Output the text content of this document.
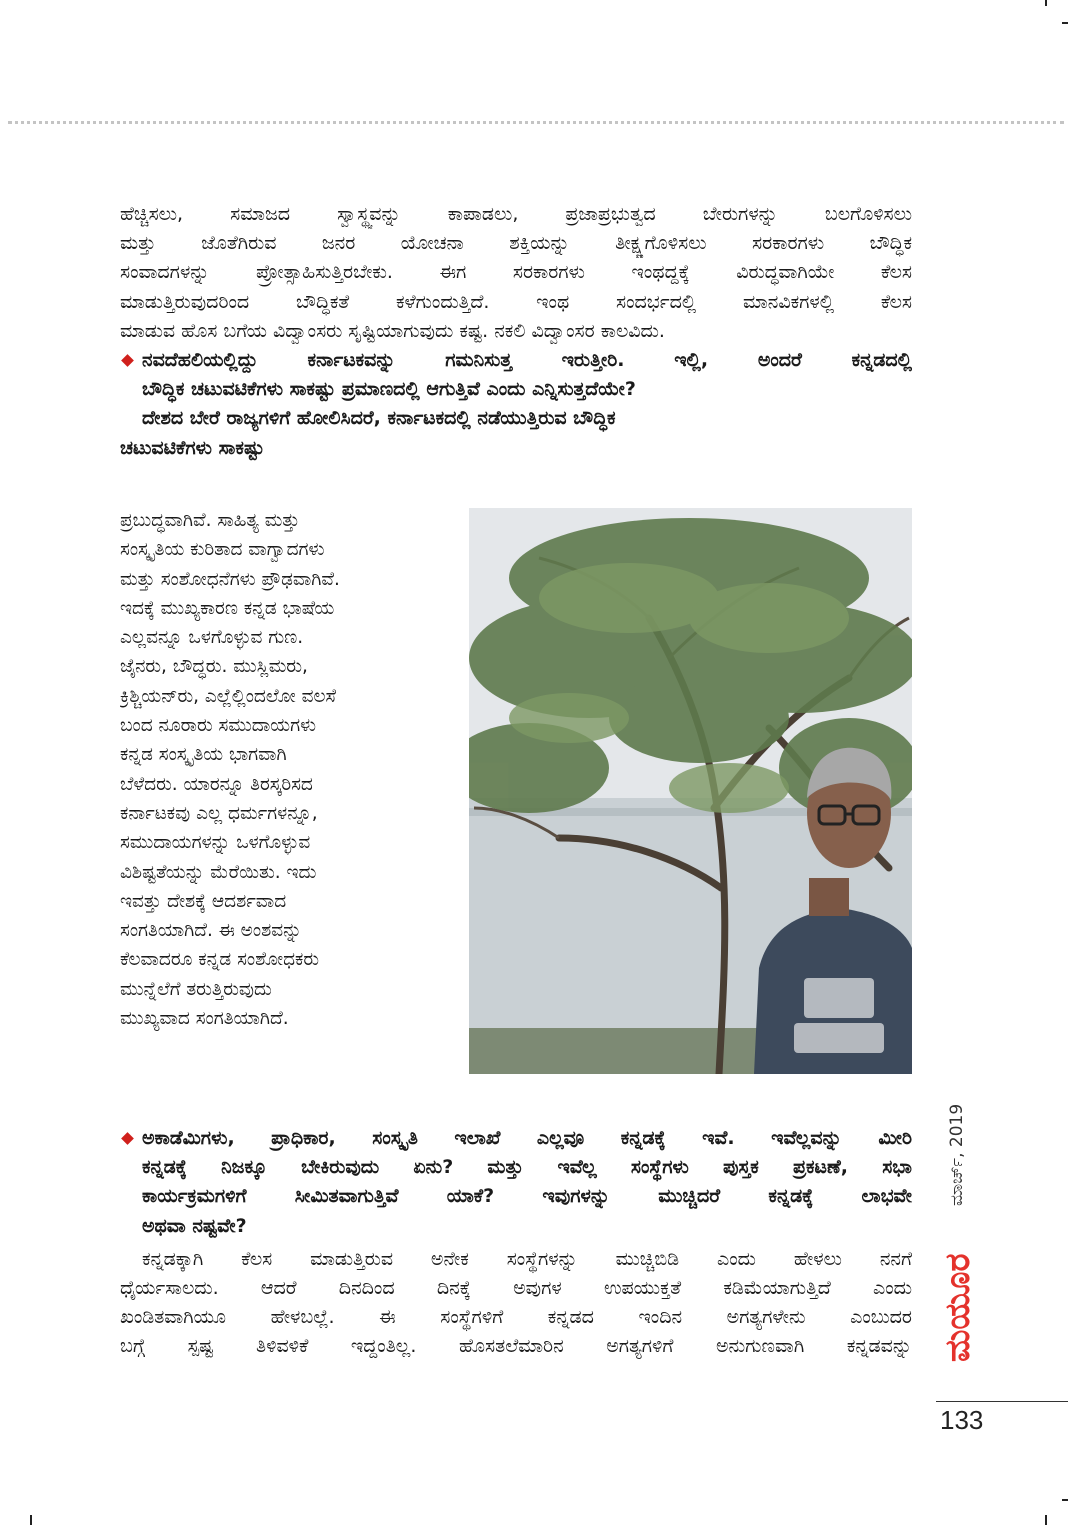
ಹೆಚ್ಚಿಸಲು, ಸಮಾಜದ ಸ್ವಾಸ್ಥ್ಯವನ್ನು ಕಾಪಾಡಲು, ಪ್ರಜಾಪ್ರಭುತ್ವದ ಬೇರುಗಳನ್ನು ಬಲಗೊಳಿಸಲು
ಮತ್ತು ಜೊತೆಗಿರುವ ಜನರ ಯೋಚನಾ ಶಕ್ತಿಯನ್ನು ತೀಕ್ಷ್ಣಗೊಳಿಸಲು ಸರಕಾರಗಳು ಬೌದ್ಧಿಕ
ಸಂವಾದಗಳನ್ನು ಪ್ರೋತ್ಸಾಹಿಸುತ್ತಿರಬೇಕು. ಈಗ ಸರಕಾರಗಳು ಇಂಥದ್ದಕ್ಕೆ ವಿರುದ್ಧವಾಗಿಯೇ ಕೆಲಸ
ಮಾಡುತ್ತಿರುವುದರಿಂದ ಬೌದ್ಧಿಕತೆ ಕಳೆಗುಂದುತ್ತಿದೆ. ಇಂಥ ಸಂದರ್ಭದಲ್ಲಿ ಮಾನವಿಕಗಳಲ್ಲಿ ಕೆಲಸ
ಮಾಡುವ ಹೊಸ ಬಗೆಯ ವಿದ್ವಾಂಸರು ಸೃಷ್ಟಿಯಾಗುವುದು ಕಷ್ಟ. ನಕಲಿ ವಿದ್ವಾಂಸರ ಕಾಲವಿದು.
ನವದೆಹಲಿಯಲ್ಲಿದ್ದು ಕರ್ನಾಟಕವನ್ನು ಗಮನಿಸುತ್ತ ಇರುತ್ತೀರಿ. ಇಲ್ಲಿ, ಅಂದರೆ ಕನ್ನಡದಲ್ಲಿ
ಬೌದ್ಧಿಕ ಚಟುವಟಿಕೆಗಳು ಸಾಕಷ್ಟು ಪ್ರಮಾಣದಲ್ಲಿ ಆಗುತ್ತಿವೆ ಎಂದು ಎನ್ನಿಸುತ್ತದೆಯೇ?
ದೇಶದ ಬೇರೆ ರಾಜ್ಯಗಳಿಗೆ ಹೋಲಿಸಿದರೆ, ಕರ್ನಾಟಕದಲ್ಲಿ ನಡೆಯುತ್ತಿರುವ ಬೌದ್ಧಿಕ
ಚಟುವಟಿಕೆಗಳು ಸಾಕಷ್ಟು
ಪ್ರಬುದ್ಧವಾಗಿವೆ. ಸಾಹಿತ್ಯ ಮತ್ತು
ಸಂಸ್ಕೃತಿಯ ಕುರಿತಾದ ವಾಗ್ವಾದಗಳು
ಮತ್ತು ಸಂಶೋಧನೆಗಳು ಪ್ರೌಢವಾಗಿವೆ.
ಇದಕ್ಕೆ ಮುಖ್ಯಕಾರಣ ಕನ್ನಡ ಭಾಷೆಯ
ಎಲ್ಲವನ್ನೂ ಒಳಗೊಳ್ಳುವ ಗುಣ.
ಜೈನರು, ಬೌದ್ಧರು. ಮುಸ್ಲಿಮರು,
ಕ್ರಿಶ್ಚಿಯನ್‌ರು, ಎಲ್ಲೆಲ್ಲಿಂದಲೋ ವಲಸೆ
ಬಂದ ನೂರಾರು ಸಮುದಾಯಗಳು
ಕನ್ನಡ ಸಂಸ್ಕೃತಿಯ ಭಾಗವಾಗಿ
ಬೆಳೆದರು. ಯಾರನ್ನೂ ತಿರಸ್ಕರಿಸದ
ಕರ್ನಾಟಕವು ಎಲ್ಲ ಧರ್ಮಗಳನ್ನೂ,
ಸಮುದಾಯಗಳನ್ನು ಒಳಗೊಳ್ಳುವ
ವಿಶಿಷ್ಟತೆಯನ್ನು ಮೆರೆಯಿತು. ಇದು
ಇವತ್ತು ದೇಶಕ್ಕೆ ಆದರ್ಶವಾದ
ಸಂಗತಿಯಾಗಿದೆ. ಈ ಅಂಶವನ್ನು
ಕೆಲವಾದರೂ ಕನ್ನಡ ಸಂಶೋಧಕರು
ಮುನ್ನೆಲೆಗೆ ತರುತ್ತಿರುವುದು
ಮುಖ್ಯವಾದ ಸಂಗತಿಯಾಗಿದೆ.
ಅಕಾಡೆಮಿಗಳು, ಪ್ರಾಧಿಕಾರ, ಸಂಸ್ಕೃತಿ ಇಲಾಖೆ ಎಲ್ಲವೂ ಕನ್ನಡಕ್ಕೆ ಇವೆ. ಇವೆಲ್ಲವನ್ನು ಮೀರಿ
ಕನ್ನಡಕ್ಕೆ ನಿಜಕ್ಕೂ ಬೇಕಿರುವುದು ಏನು? ಮತ್ತು ಇವೆಲ್ಲ ಸಂಸ್ಥೆಗಳು ಪುಸ್ತಕ ಪ್ರಕಟಣೆ, ಸಭಾ
ಕಾರ್ಯಕ್ರಮಗಳಿಗೆ ಸೀಮಿತವಾಗುತ್ತಿವೆ ಯಾಕೆ? ಇವುಗಳನ್ನು ಮುಚ್ಚಿದರೆ ಕನ್ನಡಕ್ಕೆ ಲಾಭವೇ
ಅಥವಾ ನಷ್ಟವೇ?
ಕನ್ನಡಕ್ಕಾಗಿ ಕೆಲಸ ಮಾಡುತ್ತಿರುವ ಅನೇಕ ಸಂಸ್ಥೆಗಳನ್ನು ಮುಚ್ಚಿಬಿಡಿ ಎಂದು ಹೇಳಲು ನನಗೆ
ಧೈರ್ಯಸಾಲದು. ಆದರೆ ದಿನದಿಂದ ದಿನಕ್ಕೆ ಅವುಗಳ ಉಪಯುಕ್ತತೆ ಕಡಿಮೆಯಾಗುತ್ತಿದೆ ಎಂದು
ಖಂಡಿತವಾಗಿಯೂ ಹೇಳಬಲ್ಲೆ. ಈ ಸಂಸ್ಥೆಗಳಿಗೆ ಕನ್ನಡದ ಇಂದಿನ ಅಗತ್ಯಗಳೇನು ಎಂಬುದರ
ಬಗ್ಗೆ ಸ್ಪಷ್ಟ ತಿಳಿವಳಿಕೆ ಇದ್ದಂತಿಲ್ಲ. ಹೊಸತಲೆಮಾರಿನ ಅಗತ್ಯಗಳಿಗೆ ಅನುಗುಣವಾಗಿ ಕನ್ನಡವನ್ನು
ಮಾರ್ಚ್, 2019
ಮಯೂರ
133
